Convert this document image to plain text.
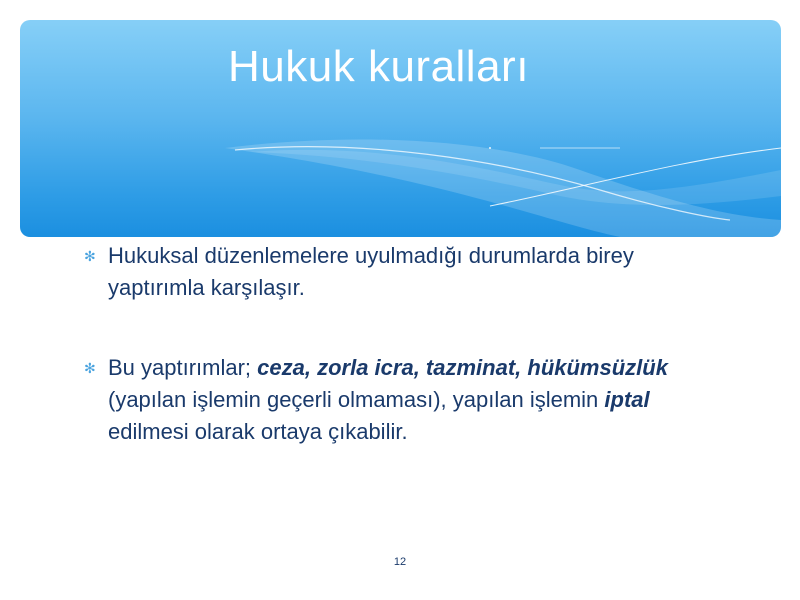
Hukuk kuralları
✻ Hukuksal düzenlemelere uyulmadığı durumlarda birey yaptırımla karşılaşır.
✻ Bu yaptırımlar; ceza, zorla icra, tazminat, hükümsüzlük (yapılan işlemin geçerli olmaması), yapılan işlemin iptal edilmesi olarak ortaya çıkabilir.
12
